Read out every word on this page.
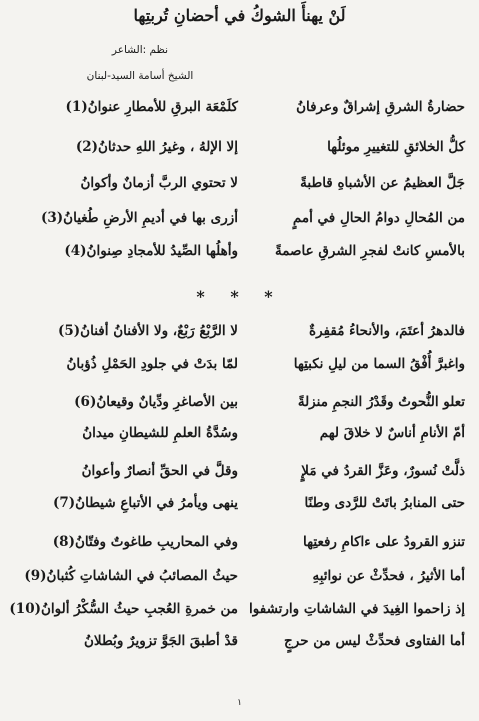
لَنْ يهنأَ الشوكُ في أحضانِ تُربتِها
نظم :الشاعر
الشيخ أسامة السيد-لبنان
حضارةُ الشرقِ إشراقٌ وعرفانُ
كلَمْعَة البرقِ للأمطارِ عنوانُ(1)
كلُّ الخلائقِ للتغييرِ موئلُها
إلا الإلهُ ، وغيرُ اللهِ حدثانُ(2)
جَلَّ العظيمُ عن الأشباهِ قاطبةً
لا تحتوي الربَّ أزمانٌ وأكوانُ
من المُحالِ دوامُ الحالِ في أممٍ
أزرى بها في أديمِ الأرضِ طُغيانُ(3)
بالأمسِ كانتْ لفجرِ الشرقِ عاصمةً
وأهلُها الصِّيدُ للأمجادِ صِنوانُ(4)
* * *
فالدهرُ أعتَمَ، والأنحاءُ مُقفِرةٌ
لا الرَّبْعُ رَبْعٌ، ولا الأفنانُ أفنانُ(5)
واغبرَّ أُفْقُ السما من ليلِ نكبتِها
لمّا بدَتْ في جلودِ الحَمْلِ ذُؤبانُ
تعلو النُّحوتُ وقَدْرُ النجمِ منزلةً
بين الأصاغرِ ودِّيانٌ وقيعانُ(6)
أمّ الأنامِ أناسٌ لا خلاقَ لهم
وسُدَّةُ العلمِ للشيطانِ ميدانُ
ذلَّتْ نُسورٌ، وعَزَّ القردُ في مَلإٍ
وقلَّ في الحقِّ أنصارٌ وأعوانُ
حتى المنابرُ باتَتْ للرَّدى وطنًا
ينهى ويأمرُ في الأتباعِ شيطانُ(7)
تنزو القرودُ على ءاكامِ رفعتِها
وفي المحاريبِ طاغوتٌ وفتّانُ(8)
أما الأثيرُ ، فحدِّثْ عن نوائبِهِ
حيثُ المصائبُ في الشاشاتِ كُثبانُ(9)
إذ زاحموا الغِيدَ في الشاشاتِ وارتشفوا
من خمرةِ العُجبِ حيثُ السُّكْرُ ألوانُ(10)
أما الفتاوى فحدِّثْ ليس من حرجٍ
قدْ أطبقَ الجَوَّ تزويرٌ وبُطلانُ
١
